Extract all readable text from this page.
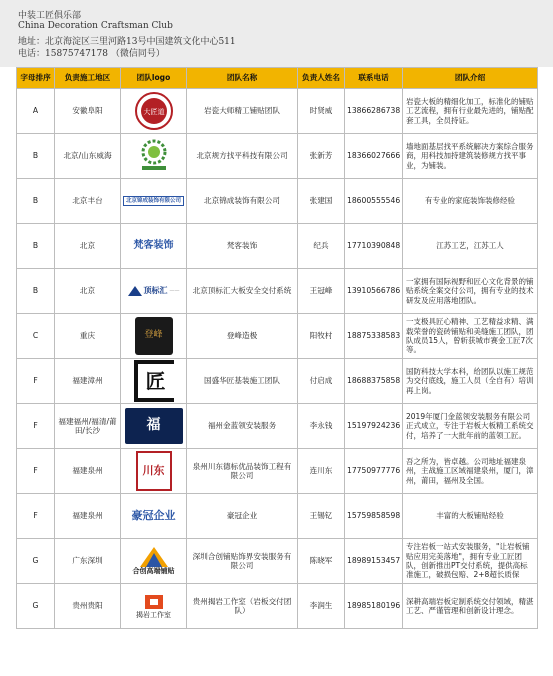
中装工匠俱乐部
China Decoration Craftsman Club
地址：北京海淀区三里河路13号中国建筑文化中心511
电话：15875747178 （微信同号）
字母排序	负责施工地区	团队logo	团队名称	负责人姓名	联系电话	团队介绍
A	安徽阜阳	大匠道	岩瓷大师精工铺贴团队	时贤威	13866286738	岩瓷大板的精细化加工，标准化的铺贴工艺流程，拥有行业最先进的，铺贴配套工具，全员持证。
B	北京/山东威海		北京规方找平科技有限公司	张新芳	18366027666	墙地面基层找平系统解决方案综合服务商，用科技加持建筑装修规方找平事业，为铺装。
B	北京丰台	北京锦成装饰有限公司	北京锦成装饰有限公司	张建国	18600555546	有专业的家庭装饰装修经验
B	北京	梵客装饰	梵客装饰	纪兵	17710390848	江苏工艺，江苏工人
B	北京	顶标汇 ——	北京顶标汇大板安全交付系统	王冠峰	13910566786	一家拥有国际视野和匠心文化背景的铺贴系统全案交付公司，拥有专业的技术研发及应用落地团队。
C	重庆	登峰	登峰造极	阳牧村	18875338583	一支极具匠心精神、工艺精益求精、满载荣誉的瓷砖铺贴和美缝施工团队，团队成员15人，曾斩获城市赛金工匠7次等。
F	福建漳州	匠	国盛华匠基装施工团队	付启成	18688375858	国防科技大学本科，给团队以施工规范为交付底线，施工人员（全自有）培训再上岗。
F	福建福州/福清/莆田/长沙	福	福州金蓝领安装服务	李永钱	15197924236	2019年厦门金蓝领安装服务有限公司正式成立，专注于岩板大板精工系统交付，培养了一大批年前的蓝领工匠。
F	福建泉州	川东	泉州川东德标优品装饰工程有限公司	连川东	17750977776	吾之所为，皆卓越。公司地址福建泉州，主战施工区域福建泉州，厦门，漳州，莆田，福州及全国。
F	福建泉州	豪冠企业	豪冠企业	王锡钇	15759858598	丰富的大板铺贴经验
G	广东深圳	合创高端铺贴	深圳合创铺贴饰界安装服务有限公司	陈晓军	18989153457	专注岩板一站式安装服务，"让岩板铺贴应用完美落地"，拥有专业工匠团队，创新推出PT交付系统，提供高标准施工，破损包赔、2+8超长质保
G	贵州贵阳	揭岩工作室	贵州揭岩工作室（岩板交付团队）	李润生	18985180196	深耕高端岩板定制系统交付领域，精湛工艺、严谨管理和创新设计理念。
